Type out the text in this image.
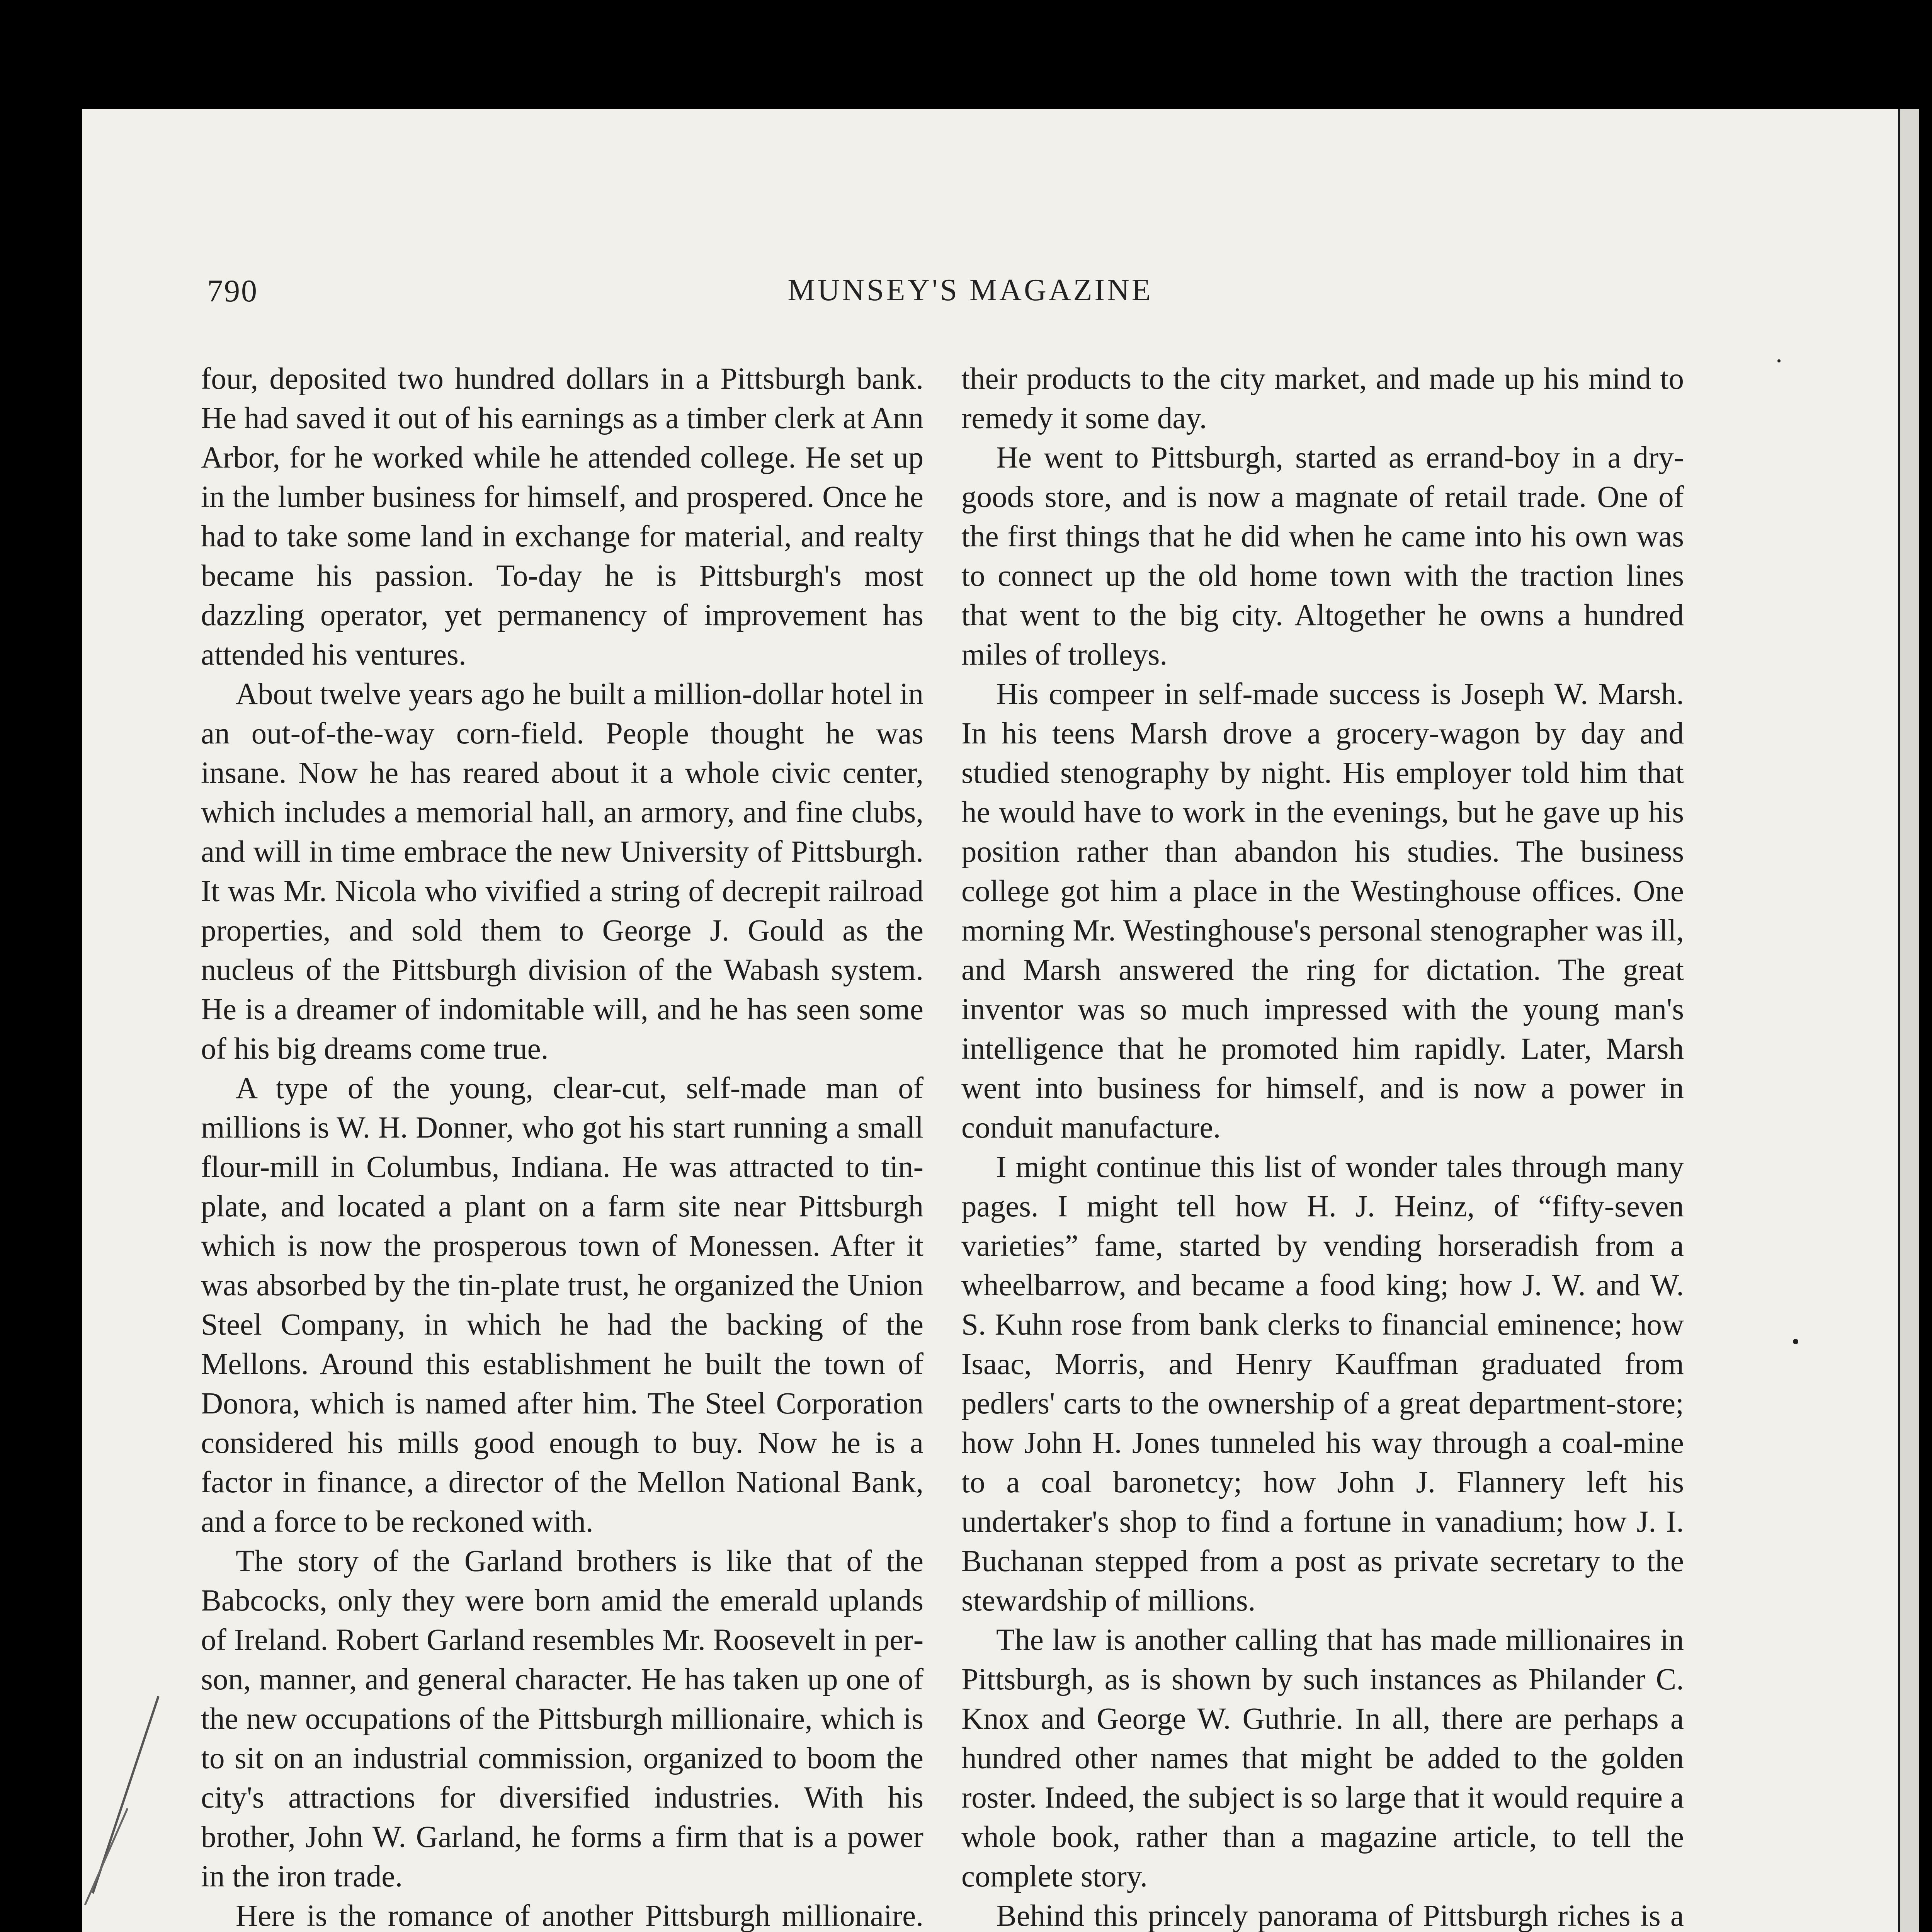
790	MUNSEY'S MAGAZINE

four, deposited two hundred dollars in a Pittsburgh bank. He had saved it out of his earnings as a timber clerk at Ann Arbor, for he worked while he attended college. He set up in the lumber business for himself, and prospered. Once he had to take some land in exchange for material, and realty became his passion. To-day he is Pittsburgh's most dazzling operator, yet permanency of improvement has attended his ventures.

About twelve years ago he built a million-dollar hotel in an out-of-the-way corn-field. People thought he was insane. Now he has reared about it a whole civic center, which includes a memorial hall, an armory, and fine clubs, and will in time embrace the new University of Pittsburgh. It was Mr. Nicola who vivified a string of decrepit railroad properties, and sold them to George J. Gould as the nucleus of the Pittsburgh division of the Wabash system. He is a dreamer of indomitable will, and he has seen some of his big dreams come true.

A type of the young, clear-cut, self-made man of millions is W. H. Donner, who got his start running a small flour-mill in Columbus, Indiana. He was attracted to tin-plate, and located a plant on a farm site near Pittsburgh which is now the prosperous town of Monessen. After it was absorbed by the tin-plate trust, he organized the Union Steel Company, in which he had the backing of the Mellons. Around this establishment he built the town of Donora, which is named after him. The Steel Corporation considered his mills good enough to buy. Now he is a factor in finance, a director of the Mellon National Bank, and a force to be reckoned with.

The story of the Garland brothers is like that of the Babcocks, only they were born amid the emerald uplands of Ireland. Robert Garland resembles Mr. Roosevelt in person, manner, and general character. He has taken up one of the new occupations of the Pittsburgh millionaire, which is to sit on an industrial commission, organized to boom the city's attractions for diversified industries. With his brother, John W. Garland, he forms a firm that is a power in the iron trade.

Here is the romance of another Pittsburgh millionaire.

their products to the city market, and made up his mind to remedy it some day.

He went to Pittsburgh, started as errand-boy in a dry-goods store, and is now a magnate of retail trade. One of the first things that he did when he came into his own was to connect up the old home town with the traction lines that went to the big city. Altogether he owns a hundred miles of trolleys.

His compeer in self-made success is Joseph W. Marsh. In his teens Marsh drove a grocery-wagon by day and studied stenography by night. His employer told him that he would have to work in the evenings, but he gave up his position rather than abandon his studies. The business college got him a place in the Westinghouse offices. One morning Mr. Westinghouse's personal stenographer was ill, and Marsh answered the ring for dictation. The great inventor was so much impressed with the young man's intelligence that he promoted him rapidly. Later, Marsh went into business for himself, and is now a power in conduit manufacture.

I might continue this list of wonder tales through many pages. I might tell how H. J. Heinz, of “fifty-seven varieties” fame, started by vending horseradish from a wheelbarrow, and became a food king; how J. W. and W. S. Kuhn rose from bank clerks to financial eminence; how Isaac, Morris, and Henry Kauffman graduated from pedlers' carts to the ownership of a great department-store; how John H. Jones tunneled his way through a coal-mine to a coal baronetcy; how John J. Flannery left his undertaker's shop to find a fortune in vanadium; how J. I. Buchanan stepped from a post as private secretary to the stewardship of millions.

The law is another calling that has made millionaires in Pittsburgh, as is shown by such instances as Philander C. Knox and George W. Guthrie. In all, there are perhaps a hundred other names that might be added to the golden roster. Indeed, the subject is so large that it would require a whole book, rather than a magazine article, to tell the complete story.

Behind this princely panorama of Pittsburgh riches is a
